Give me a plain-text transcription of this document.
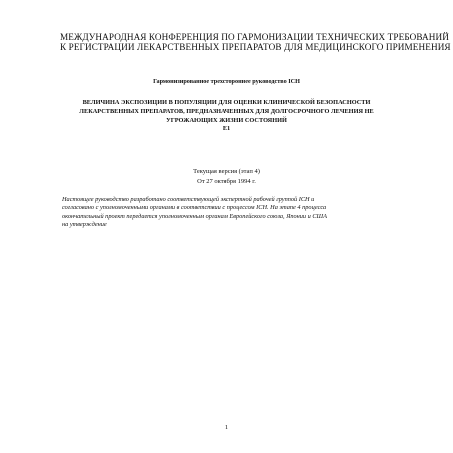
МЕЖДУНАРОДНАЯ КОНФЕРЕНЦИЯ ПО ГАРМОНИЗАЦИИ ТЕХНИЧЕСКИХ ТРЕБОВАНИЙ
К РЕГИСТРАЦИИ ЛЕКАРСТВЕННЫХ ПРЕПАРАТОВ ДЛЯ МЕДИЦИНСКОГО ПРИМЕНЕНИЯ
Гармонизированное трехстороннее руководство ICH
ВЕЛИЧИНА ЭКСПОЗИЦИИ В ПОПУЛЯЦИИ ДЛЯ ОЦЕНКИ КЛИНИЧЕСКОЙ БЕЗОПАСНОСТИ
ЛЕКАРСТВЕННЫХ ПРЕПАРАТОВ, ПРЕДНАЗНАЧЕННЫХ ДЛЯ ДОЛГОСРОЧНОГО ЛЕЧЕНИЯ НЕ
УГРОЖАЮЩИХ ЖИЗНИ СОСТОЯНИЙ
E1
Текущая версия (этап 4)
От 27 октября 1994 г.
Настоящее руководство разработано соответствующей экспертной рабочей группой ICH и
согласовано с уполномоченными органами в соответствии с процессом ICH. На этапе 4 процесса
окончательный проект передается уполномоченным органам Европейского союза, Японии и США
на утверждение
1
